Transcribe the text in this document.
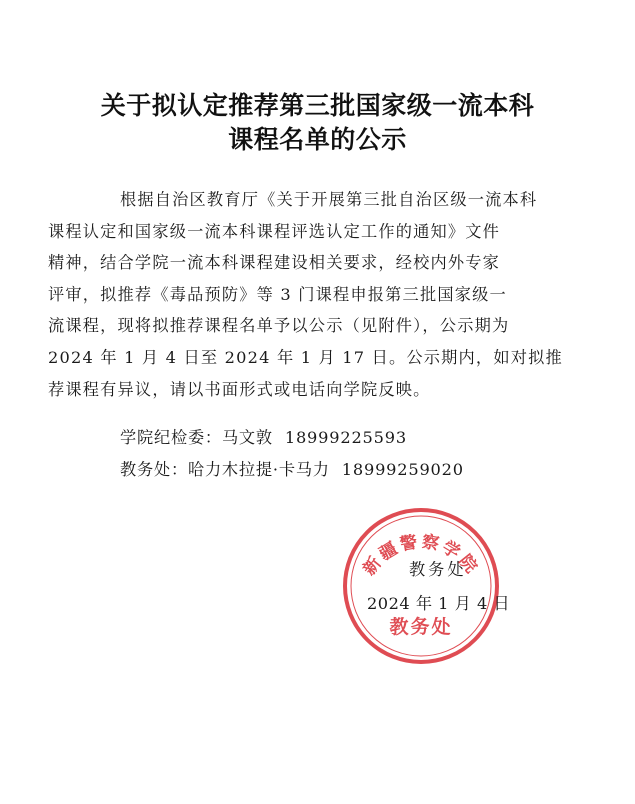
关于拟认定推荐第三批国家级一流本科
课程名单的公示

根据自治区教育厅《关于开展第三批自治区级一流本科
课程认定和国家级一流本科课程评选认定工作的通知》文件
精神，结合学院一流本科课程建设相关要求，经校内外专家
评审，拟推荐《毒品预防》等 3 门课程申报第三批国家级一
流课程，现将拟推荐课程名单予以公示（见附件），公示期为
2024 年 1 月 4 日至 2024 年 1 月 17 日。公示期内，如对拟推
荐课程有异议，请以书面形式或电话向学院反映。

学院纪检委：马文敦 18999225593
教务处：哈力木拉提·卡马力 18999259020
新疆警察学院
教务处
教务处
2024 年 1 月 4 日
